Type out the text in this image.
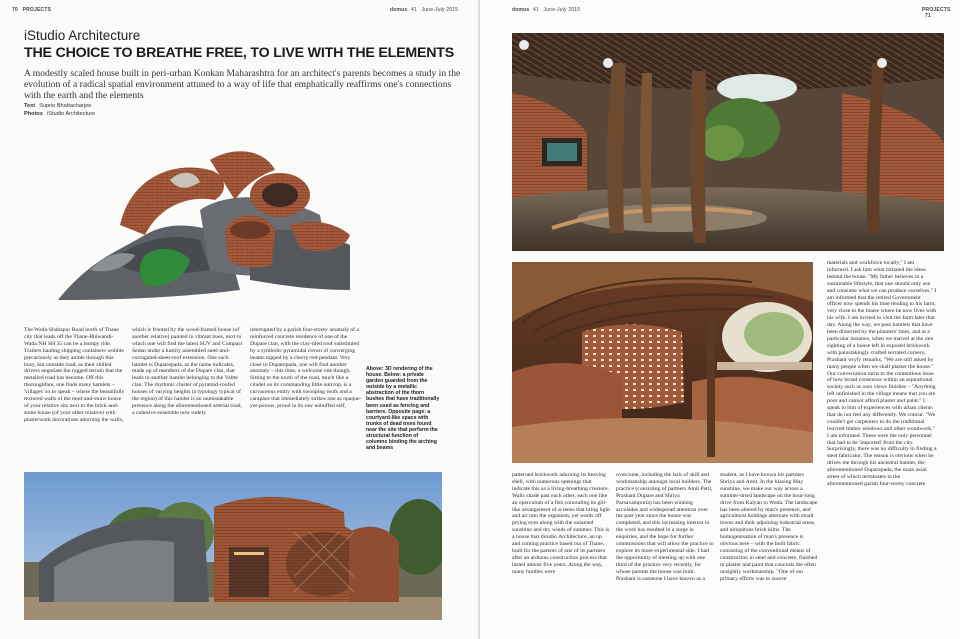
70 PROJECTS	domus 41 June-July 2015
iStudio Architecture
THE CHOICE TO BREATHE FREE, TO LIVE WITH THE ELEMENTS
A modestly scaled house built in peri-urban Konkan Maharashtra for an architect's parents becomes a study in the evolution of a radical spatial environment attuned to a way of life that emphatically reaffirms one's connections with the earth and the elements
Text Suprio Bhattacharjee
Photos iStudio Architecture
The Wada-Shahapur Road north of Thane city that leads off the Thane-Bhiwandi-Wada NH SH 35 can be a bumpy ride. Trailers hauling shipping containers wobble precariously as they amble through this busy, but unmade road, as their skilled drivers negotiate the rugged terrain that the metalled road has become. Off this thoroughfare, one finds many hamlets – 'villages' so to speak – where the beautifully textured walls of the mud-and-straw house of your relative sits next to the brick-and-stone house (of your other relative) with plasterwork decorations adorning the walls,
which is fronted by the wood-framed house (of another relative) painted in vibrant hues, next to which one will find the latest SUV and Compact Sedan under a hastily assembled steel-and-corrugated-sheet-roof extension. One such hamlet is Duparepada, as the name indicates, made up of members of the Dupare clan, that leads to another hamlet belonging to the Valtte clan. The rhythmic cluster of pyramid-roofed houses of varying heights (a typology typical of the region) of this hamlet is an unmistakable presence along the aforementioned arterial road, a cohesive ensemble now rudely
interrupted by a garish four-storey anomaly of a reinforced concrete residence of one of the Dupare clan, with the clay-tiled roof substituted by a symbolic pyramidal crown of converging beams topped by a cherry-red pendant. Very close to Duparepada, one will find another anomaly – this time, a welcome one though. Sitting to the north of the road, much like a citadel on its commanding little outcrop, is a curvaceous entity with swooping roofs and a carapace that immediately strikes one as opaque-yet-porous, proud in its raw unbuffed self,
Above: 3D rendering of the house. Below: a private garden guarded from the outside by a metallic abstraction of the thorn bushes that have traditionally been used as fencing and barriers. Opposite page: a courtyard-like space with trunks of dead trees found near the site that perform the structural function of columns binding the arching and beams
domus 41 June-July 2015	PROJECTS 71
materials and workforce locally," I am informed. I ask him what initiated the ideas behind the house. "My father believes in a sustainable lifestyle, that one should only use and consume what we can produce ourselves," I am informed that the retired Government officer now spends his time tending to his farm, very close to the house where he now lives with his wife. I am invited to visit the farm later that day. Along the way, we pass hamlets that have been dissected by the planners' lines, and at a particular instance, when we marvel at the rare sighting of a house left in exposed brickwork with painstakingly crafted serrated corners, Prashant wryly remarks, "We are still asked by many people when we shall plaster the house." Our conversation turns to the contentious issue of how broad consensus within an aspirational society such as ours views finishes – "Anything left unfinished in the village means that you are poor and cannot afford plaster and paint." I speak to him of experiences with urban clients that do not feel any differently. We concur. "We couldn't get carpenters to do the traditional louvred timber windows and other woodwork," I am informed. These were the only personnel that had to be 'imported' from the city. Surprisingly, there was no difficulty in finding a steel fabricator. The reason is obvious when he drives me through his ancestral hamlet, the aforementioned Duparepada, the main axial street of which terminates in the aforementioned garish four-storey concrete
patterned brickwork adorning its heaving shell, with numerous openings that indicate this as a living-breathing creature. Walls shade past each other, each one like an operculum of a fish concealing its gill-like arrangement of screens that bring light and air into the organism, yet wards off prying eyes along with the untamed sunshine and dry winds of summer. This is a house that iStudio Architecture, an up and coming practice based out of Thane, built for the parents of one of its partners after an arduous construction process that lasted almost five years. Along the way, many hurdles were
overcome, including the lack of skill and workmanship amongst local builders. The practice (consisting of partners Amit Patil, Prashant Dupare and Shriya Parsavampuria) has been winning accolades and widespread attention over the past year since the house was completed, and this increasing interest in the work has resulted in a surge in enquiries, and the hope for further commissions that will allow the practice to explore its more experimental side. I had the opportunity of meeting up with one third of the practice very recently, for whose parents the house was built. Prashant is someone I have known as a
student, as I have known his partners Shriya and Amit. In the blazing May sunshine, we make our way across a summer-dried landscape on the hour-long drive from Kalyan to Wada. The landscape has been altered by man's presence, and agricultural holdings alternate with small towns and their adjoining industrial areas, and ubiquitous brick kilns. The homogenisation of man's presence is obvious here – with the built fabric consisting of the conventional means of construction in steel and concrete, finished in plaster and paint that conceals the often unsightly workmanship. "One of our primary efforts was to source
